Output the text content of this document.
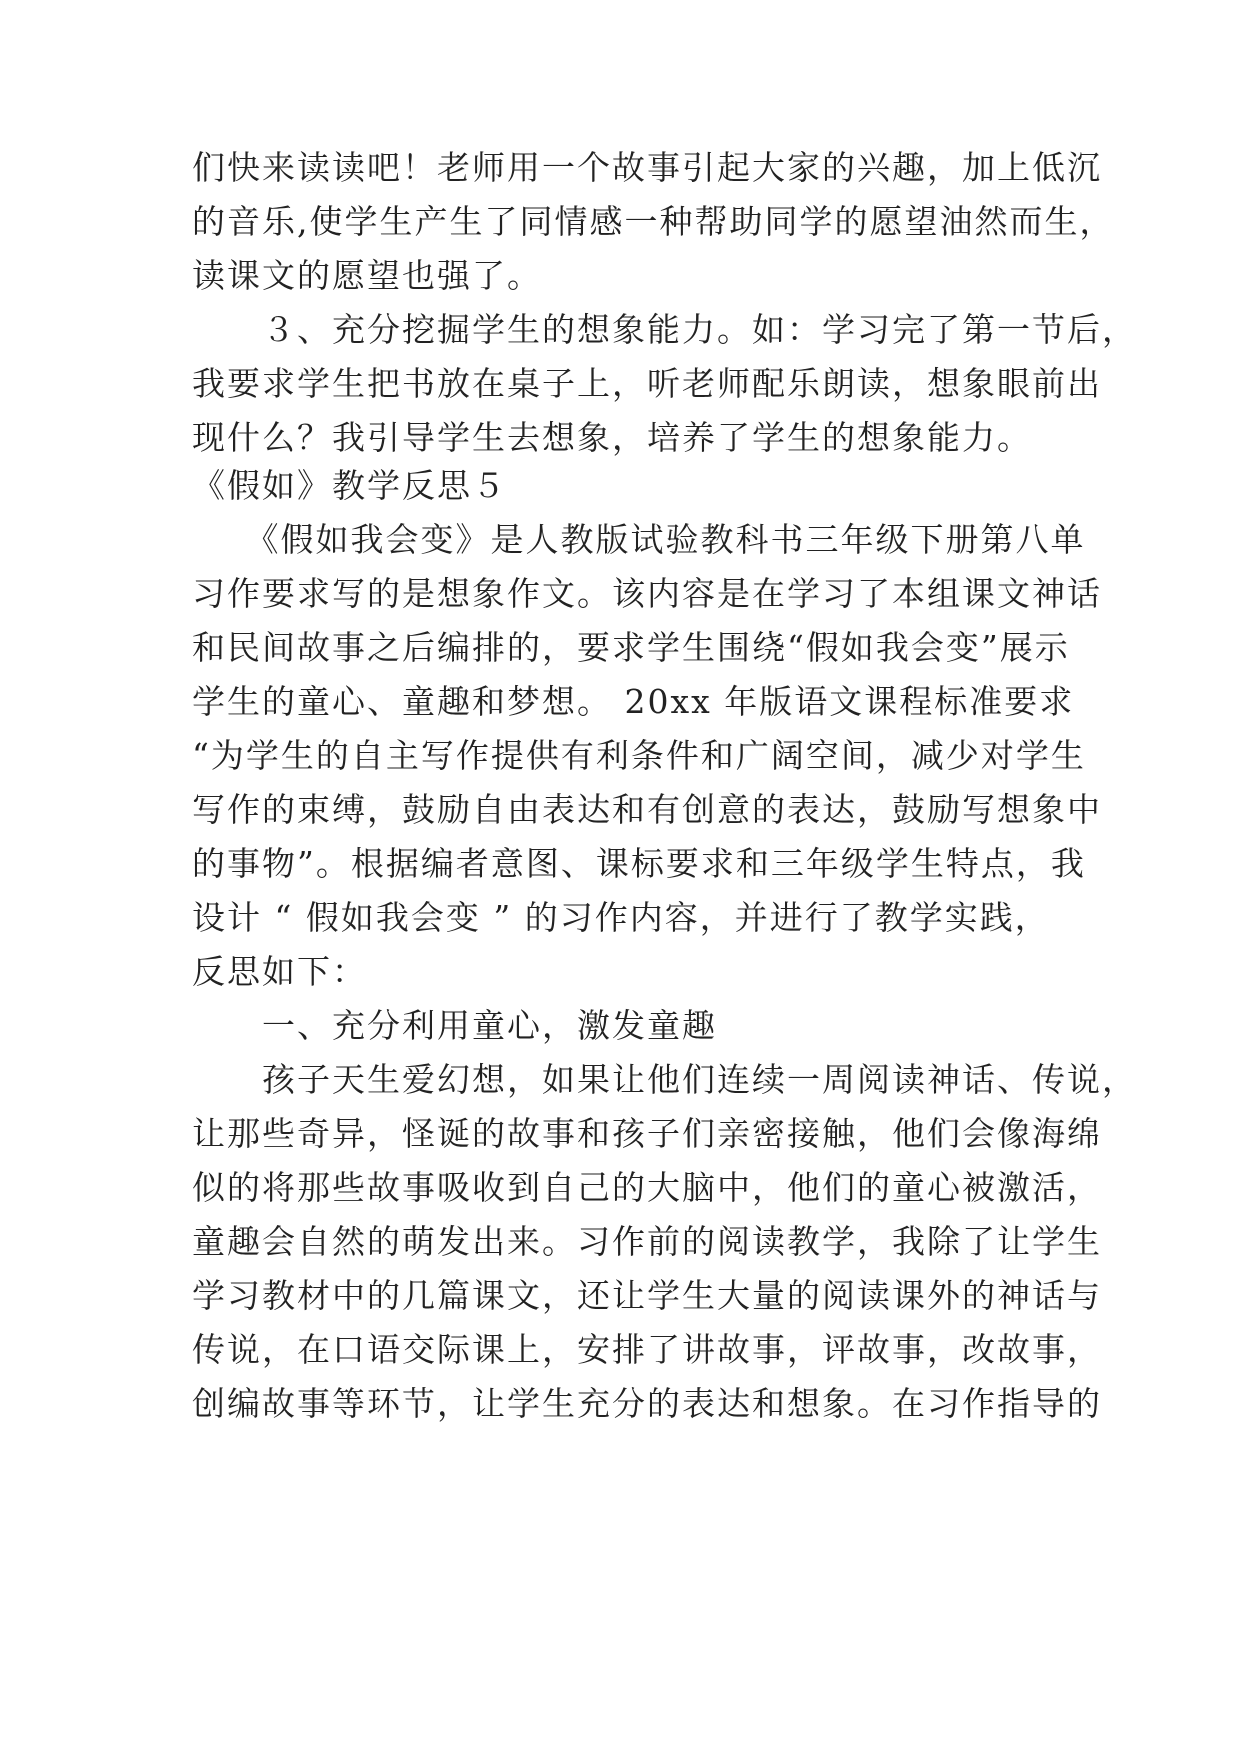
们快来读读吧！老师用一个故事引起大家的兴趣，加上低沉
的音乐,使学生产生了同情感一种帮助同学的愿望油然而生，
读课文的愿望也强了。
　　３、充分挖掘学生的想象能力。如：学习完了第一节后，
我要求学生把书放在桌子上，听老师配乐朗读，想象眼前出
现什么？我引导学生去想象，培养了学生的想象能力。
《假如》教学反思５
　　《假如我会变》是人教版试验教科书三年级下册第八单
习作要求写的是想象作文。该内容是在学习了本组课文神话
和民间故事之后编排的，要求学生围绕“假如我会变”展示
学生的童心、童趣和梦想。 20xx 年版语文课程标准要求
“为学生的自主写作提供有利条件和广阔空间，减少对学生
写作的束缚，鼓励自由表达和有创意的表达，鼓励写想象中
的事物”。根据编者意图、课标要求和三年级学生特点，我
设计 “ 假如我会变 ” 的习作内容，并进行了教学实践，
反思如下：
　　一、充分利用童心，激发童趣
　　孩子天生爱幻想，如果让他们连续一周阅读神话、传说，
让那些奇异，怪诞的故事和孩子们亲密接触，他们会像海绵
似的将那些故事吸收到自己的大脑中，他们的童心被激活，
童趣会自然的萌发出来。习作前的阅读教学，我除了让学生
学习教材中的几篇课文，还让学生大量的阅读课外的神话与
传说，在口语交际课上，安排了讲故事，评故事，改故事，
创编故事等环节，让学生充分的表达和想象。在习作指导的
